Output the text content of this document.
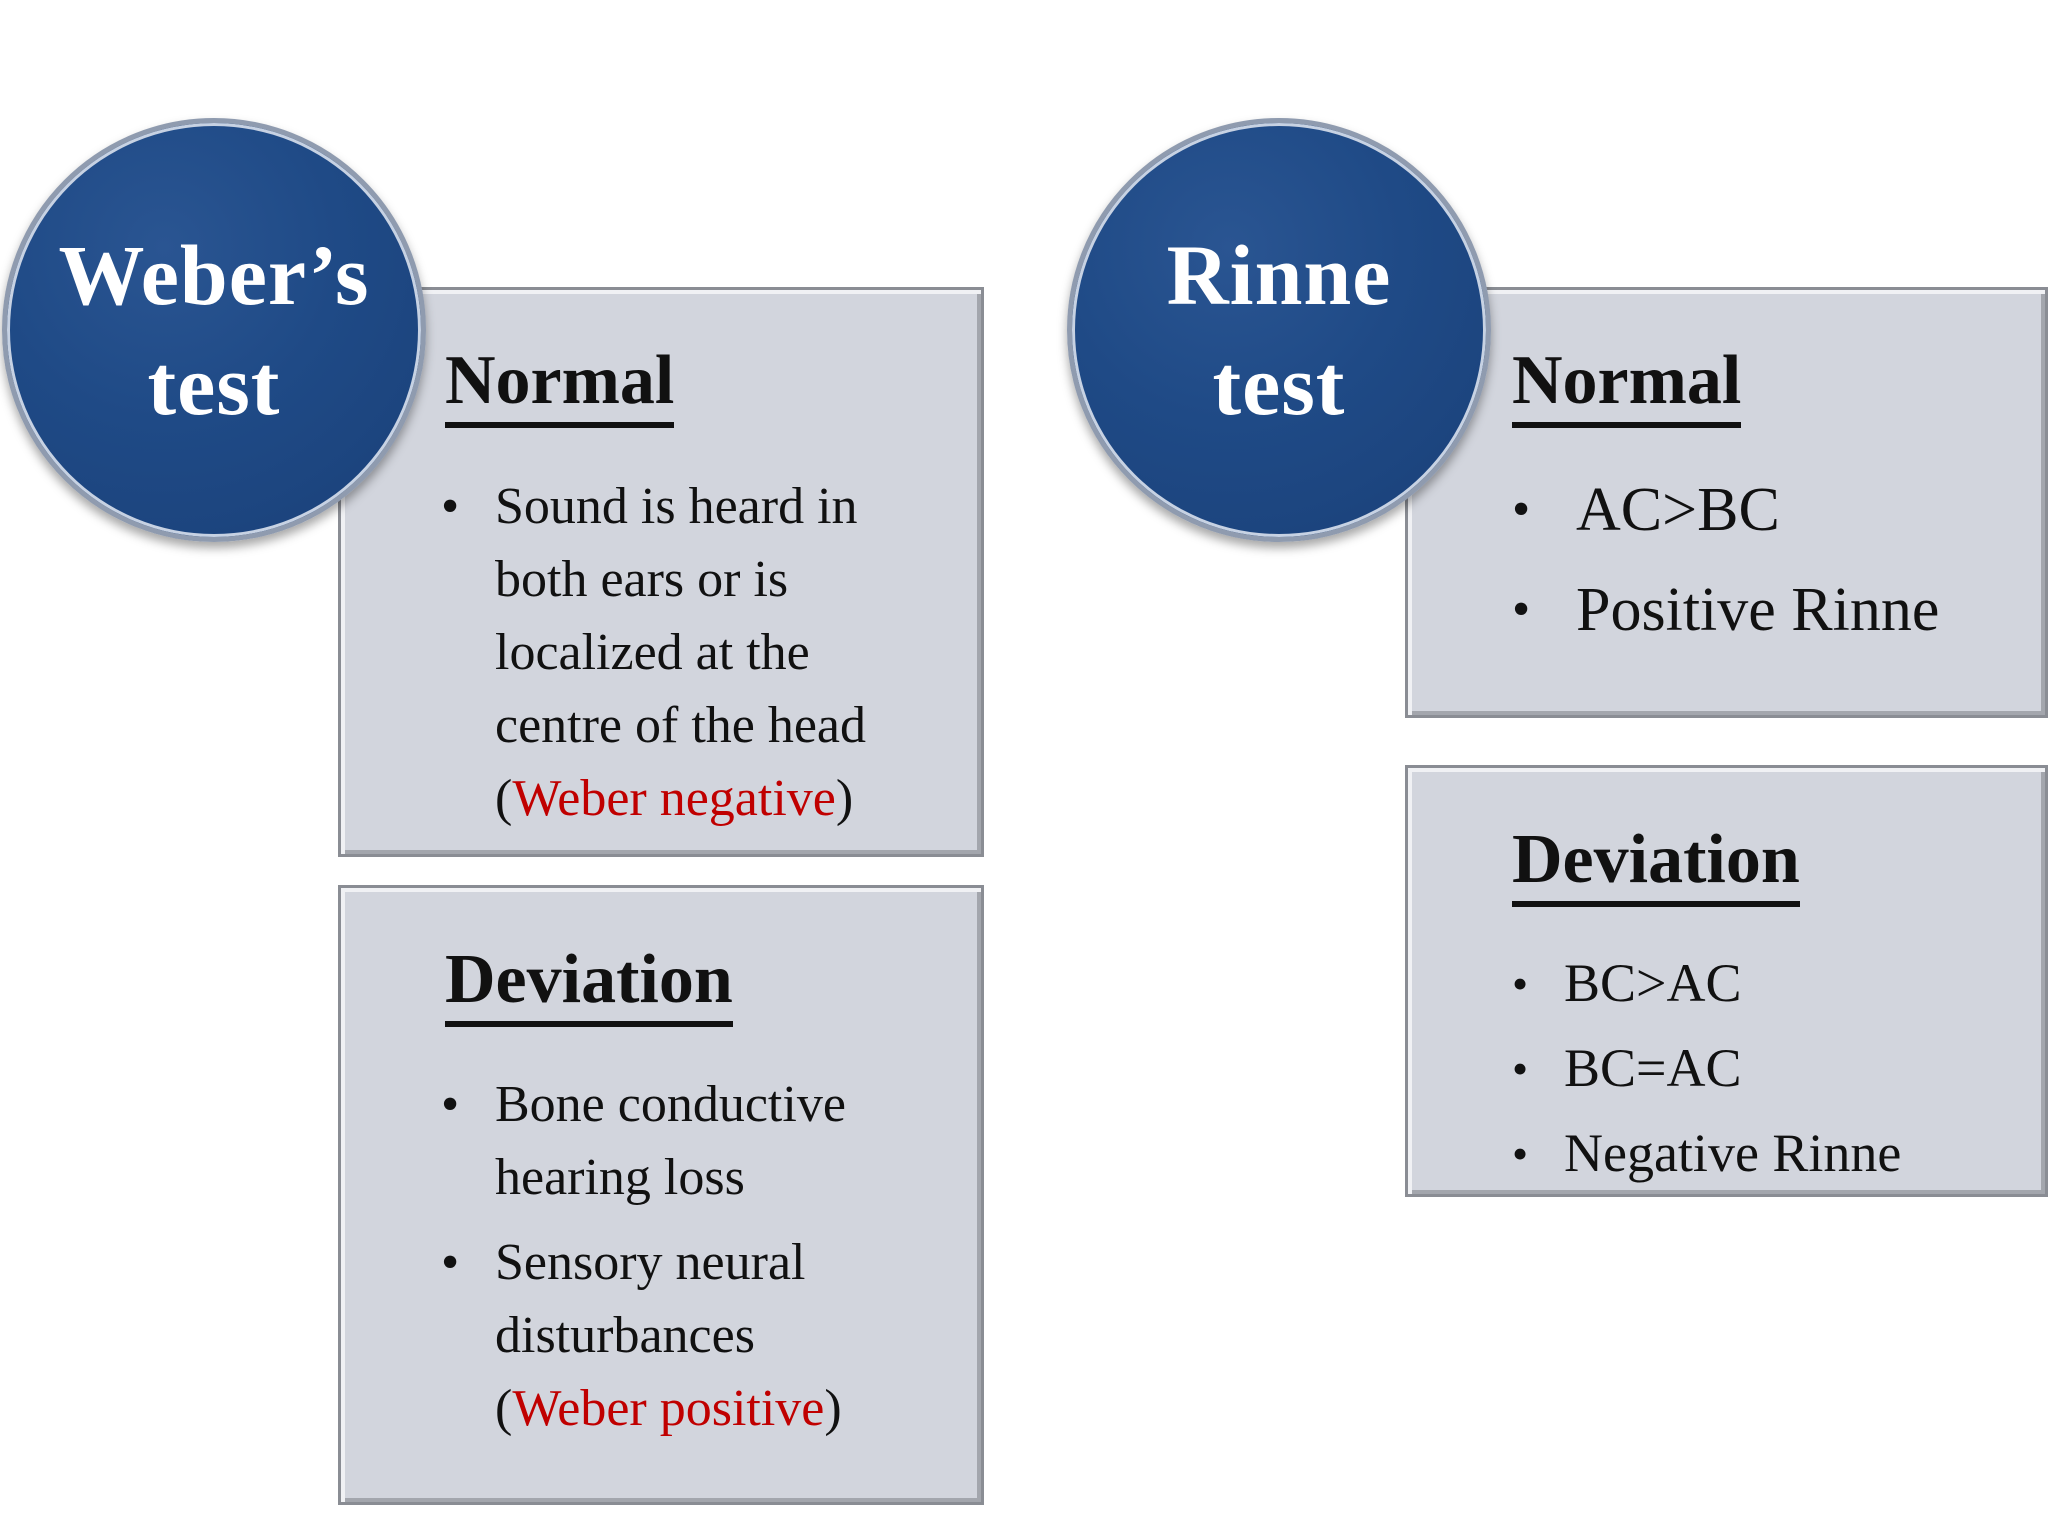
Normal
• Sound is heard in
both ears or is
localized at the
centre of the head
(Weber negative)
Deviation
• Bone conductive
hearing loss
• Sensory neural
disturbances
(Weber positive)
Weber’s
test	Normal
• AC>BC
• Positive Rinne
Deviation
• BC>AC
• BC=AC
• Negative Rinne
Rinne
test
